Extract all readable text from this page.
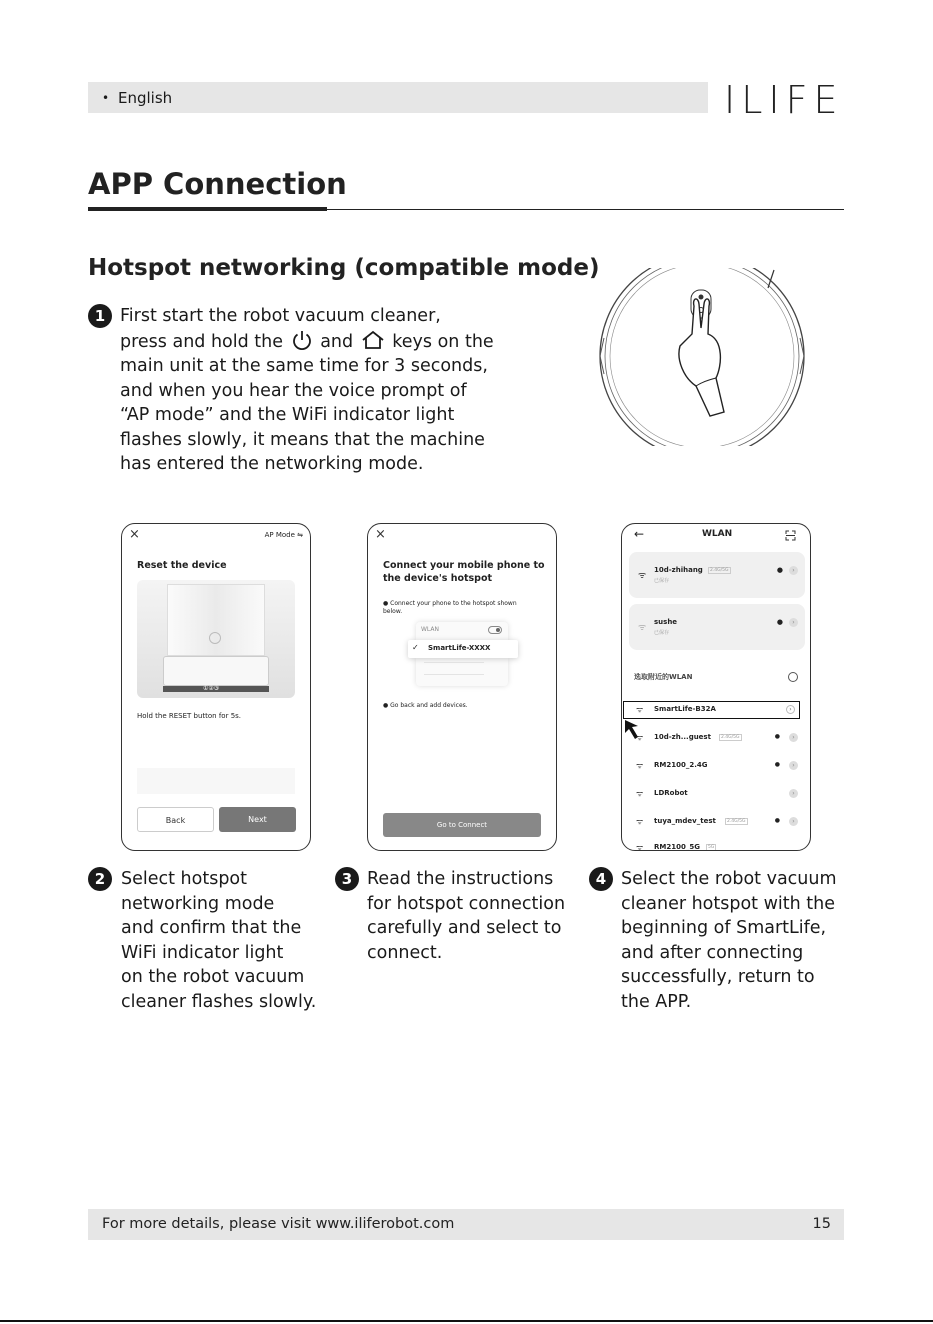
• English	ILIFE
APP Connection
Hotspot networking (compatible mode)
1 First start the robot vacuum cleaner,

press and hold the and keys on the

main unit at the same time for 3 seconds,

and when you hear the voice prompt of

“AP mode” and the WiFi indicator light

flashes slowly, it means that the machine

has entered the networking mode.

×	AP Mode ⇋
Reset the device
①②③
Hold the RESET button for 5s.
Back	Next
×
Connect your mobile phone to
the device's hotspot
● Connect your phone to the hotspot shown below.
WLAN
✓ SmartLife-XXXX
● Go back and add devices.
Go to Connect
←	WLAN
ᯤ
10d-zhihang	2.4G/5G
已保存
●	›
ᯤ
sushe
已保存
●	›
选取附近的WLAN
ᯤ SmartLife-B32A	›
ᯤ 10d-zh...guest	2.4G/5G	●	›
ᯤ RM2100_2.4G	●	›
ᯤ LDRobot	›
ᯤ tuya_mdev_test	2.4G/5G	●	›
ᯤ RM2100_5G	5G
2 Select hotspot

networking mode

and confirm that the

WiFi indicator light

on the robot vacuum

cleaner flashes slowly.

3 Read the instructions

for hotspot connection

carefully and select to

connect.

4 Select the robot vacuum

cleaner hotspot with the

beginning of SmartLife,

and after connecting

successfully, return to

the APP.

For more details, please visit www.iliferobot.com	15
